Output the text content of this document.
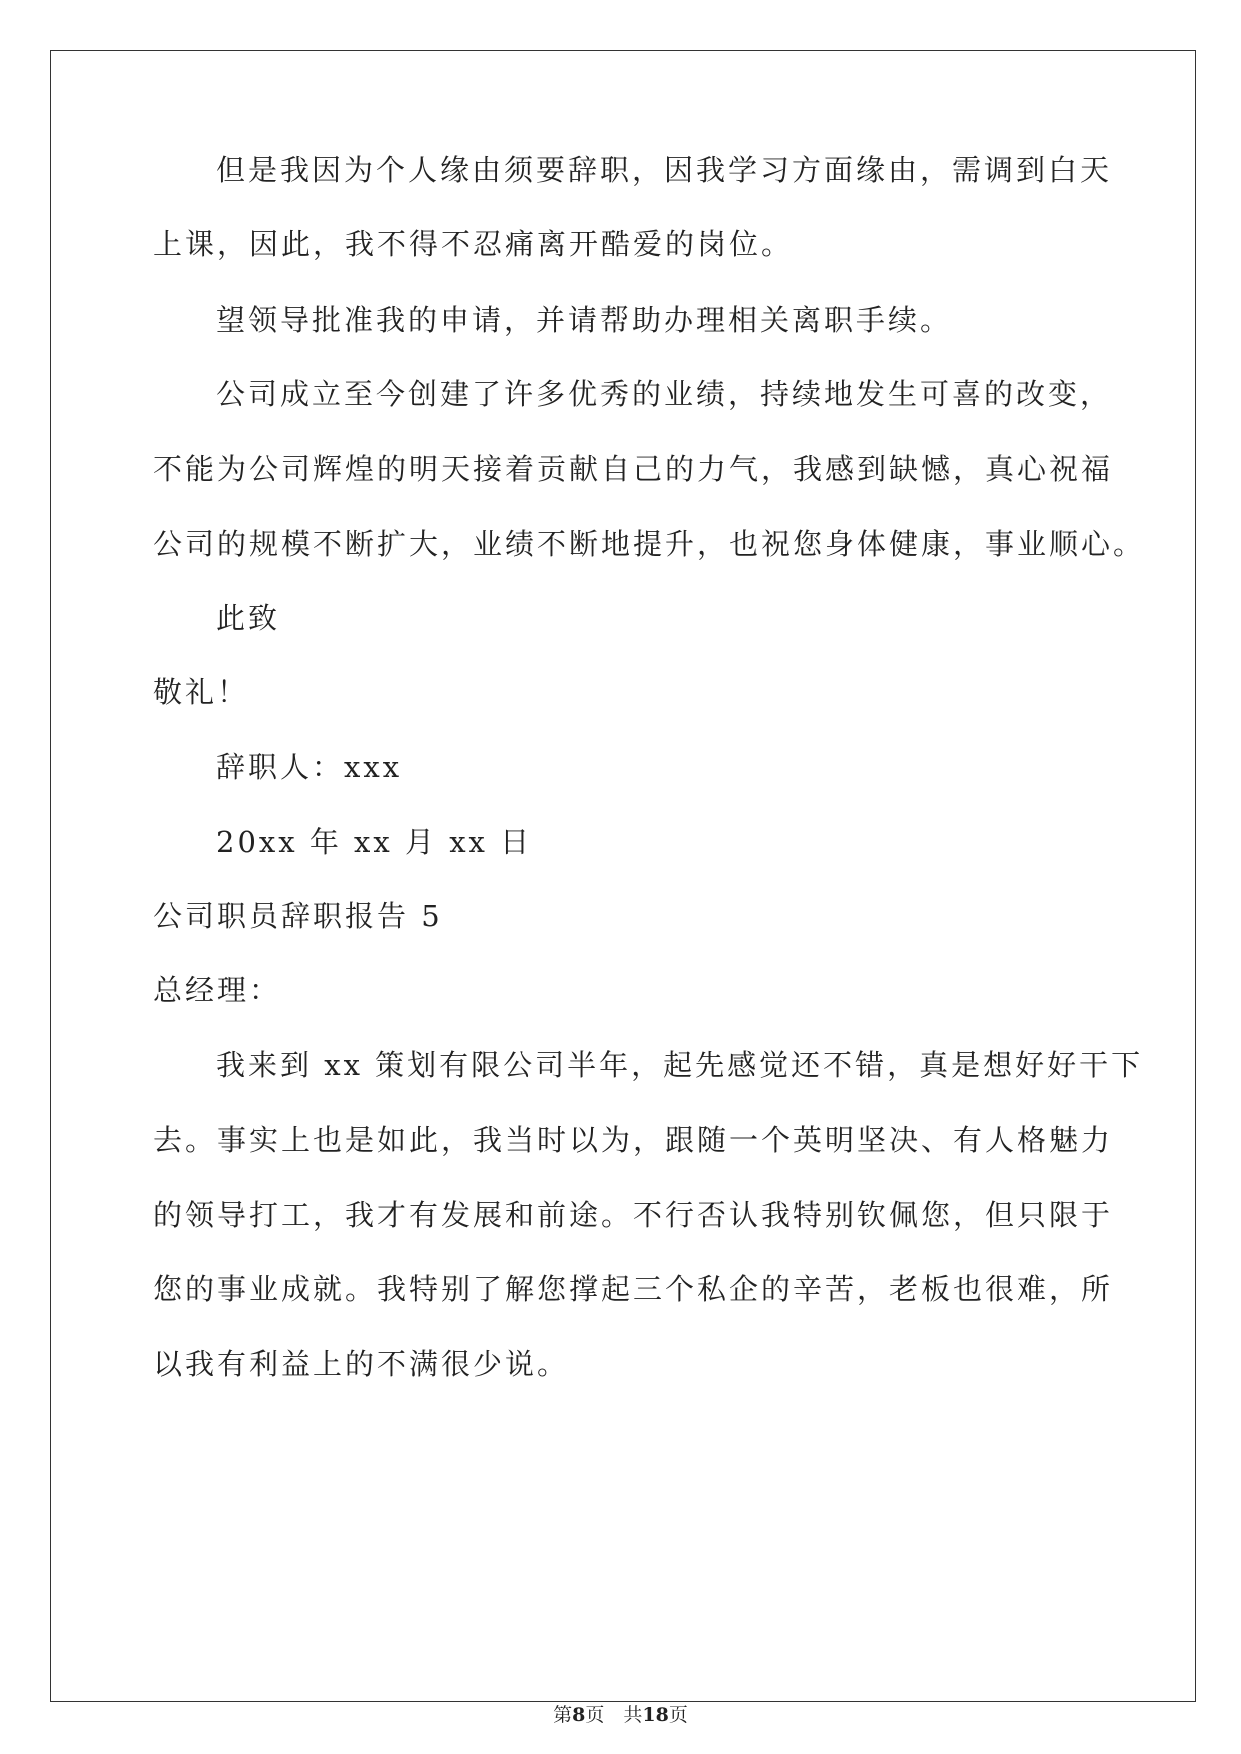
但是我因为个人缘由须要辞职，因我学习方面缘由，需调到白天
上课，因此，我不得不忍痛离开酷爱的岗位。
望领导批准我的申请，并请帮助办理相关离职手续。
公司成立至今创建了许多优秀的业绩，持续地发生可喜的改变，
不能为公司辉煌的明天接着贡献自己的力气，我感到缺憾，真心祝福
公司的规模不断扩大，业绩不断地提升，也祝您身体健康，事业顺心。
此致
敬礼！
辞职人：xxx
20xx 年 xx 月 xx 日
公司职员辞职报告 5
总经理：
我来到 xx 策划有限公司半年，起先感觉还不错，真是想好好干下
去。事实上也是如此，我当时以为，跟随一个英明坚决、有人格魅力
的领导打工，我才有发展和前途。不行否认我特别钦佩您，但只限于
您的事业成就。我特别了解您撑起三个私企的辛苦，老板也很难，所
以我有利益上的不满很少说。
第8页　共18页
